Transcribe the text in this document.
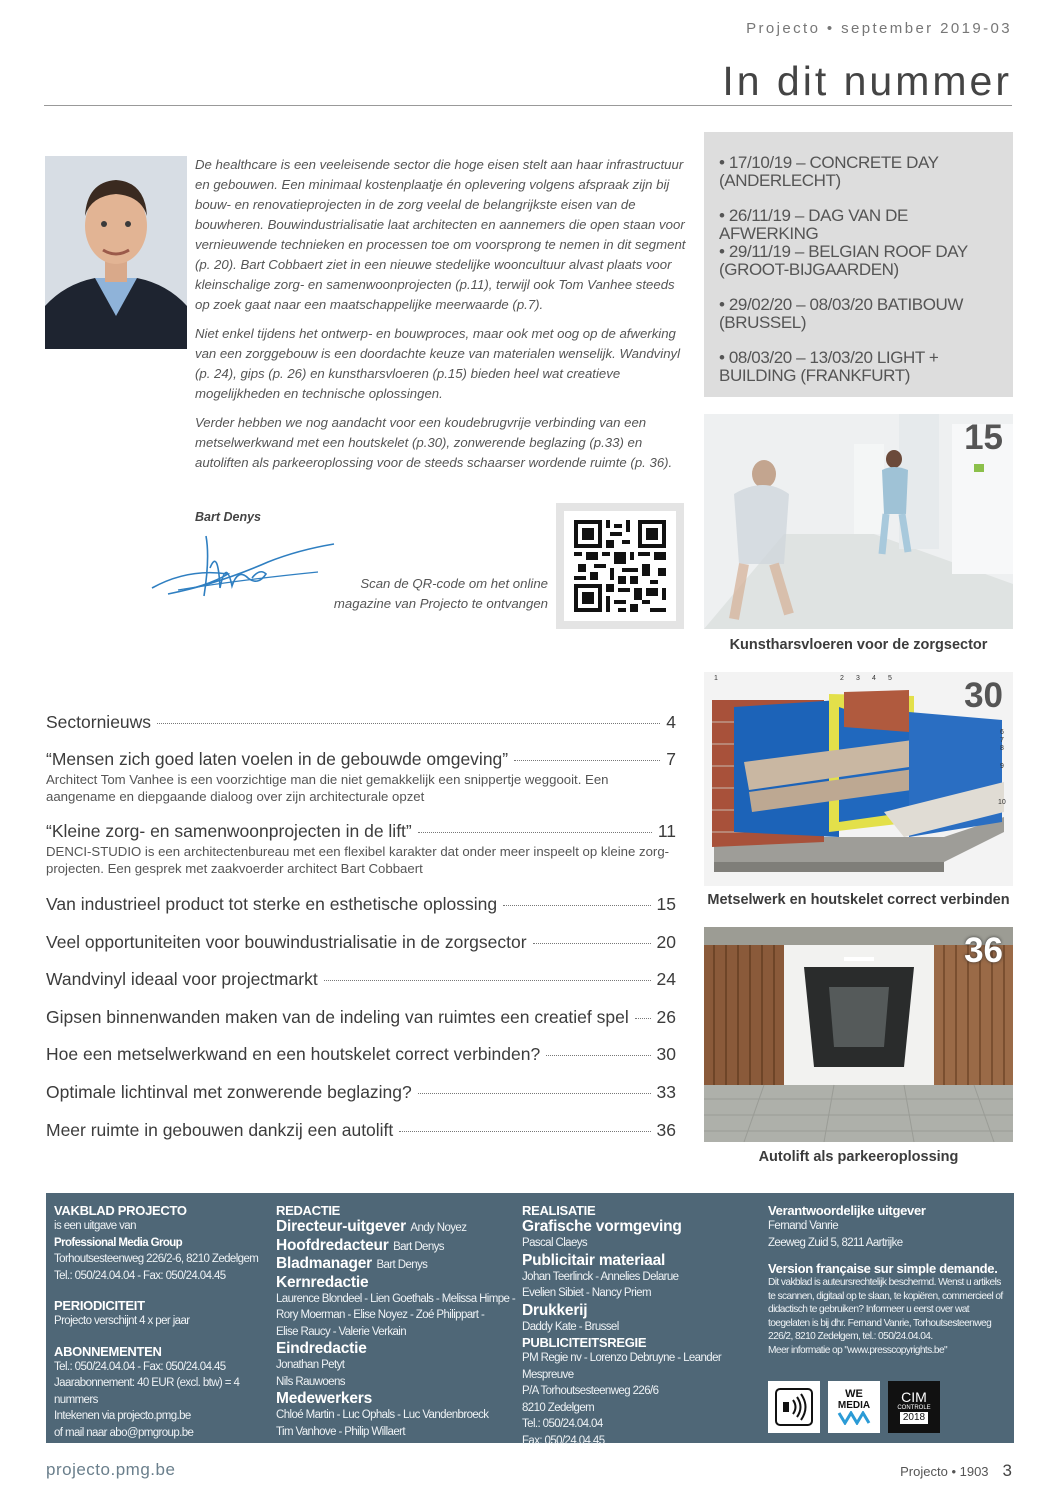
Projecto • september 2019-03
In dit nummer

De healthcare is een veeleisende sector die hoge eisen stelt aan haar infrastructuur en gebouwen. Een minimaal kostenplaatje én oplevering volgens afspraak zijn bij bouw- en renovatieprojecten in de zorg veelal de belangrijkste eisen van de bouwheren. Bouwindustrialisatie laat architecten en aannemers die open staan voor vernieuwende technieken en processen toe om voorsprong te nemen in dit segment (p. 20). Bart Cobbaert ziet in een nieuwe stedelijke wooncultuur alvast plaats voor kleinschalige zorg- en samenwoonprojecten (p.11), terwijl ook Tom Vanhee steeds op zoek gaat naar een maatschappelijke meerwaarde (p.7).

Niet enkel tijdens het ontwerp- en bouwproces, maar ook met oog op de afwerking van een zorggebouw is een doordachte keuze van materialen wenselijk. Wandvinyl (p. 24), gips (p. 26) en kunstharsvloeren (p.15) bieden heel wat creatieve mogelijkheden en technische oplossingen.

Verder hebben we nog aandacht voor een koudebrugvrije verbinding van een metselwerkwand met een houtskelet (p.30), zonwerende beglazing (p.33) en autoliften als parkeeroplossing voor de steeds schaarser wordende ruimte (p. 36).

Bart Denys
Scan de QR-code om het online magazine van Projecto te ontvangen
• 17/10/19 – CONCRETE DAY (ANDERLECHT)
• 26/11/19 – DAG VAN DE AFWERKING
• 29/11/19 – BELGIAN ROOF DAY (GROOT-BIJGAARDEN)
• 29/02/20 – 08/03/20 BATIBOUW (BRUSSEL)
• 08/03/20 – 13/03/20 LIGHT + BUILDING (FRANKFURT)
15
Kunstharsvloeren voor de zorgsector
1	2 3 4 5
6
7
8
9
10
30
Metselwerk en houtskelet correct verbinden
36
Autolift als parkeeroplossing
Sectornieuws	4
“Mensen zich goed laten voelen in de gebouwde omgeving”	7
Architect Tom Vanhee is een voorzichtige man die niet gemakkelijk een snippertje weggooit. Een aangename en diepgaande dialoog over zijn architecturale opzet
“Kleine zorg- en samenwoonprojecten in de lift”	11
DENCI-STUDIO is een architectenbureau met een flexibel karakter dat onder meer inspeelt op kleine zorg-projecten. Een gesprek met zaakvoerder architect Bart Cobbaert
Van industrieel product tot sterke en esthetische oplossing	15
Veel opportuniteiten voor bouwindustrialisatie in de zorgsector	20
Wandvinyl ideaal voor projectmarkt	24
Gipsen binnenwanden maken van de indeling van ruimtes een creatief spel 26
Hoe een metselwerkwand en een houtskelet correct verbinden?	30
Optimale lichtinval met zonwerende beglazing?	33
Meer ruimte in gebouwen dankzij een autolift	36
VAKBLAD PROJECTO
is een uitgave van
Professional Media Group
Torhoutsesteenweg 226/2-6, 8210 Zedelgem
Tel.: 050/24.04.04 - Fax: 050/24.04.45
PERIODICITEIT
Projecto verschijnt 4 x per jaar
ABONNEMENTEN
Tel.: 050/24.04.04 - Fax: 050/24.04.45
Jaarabonnement: 40 EUR (excl. btw) = 4 nummers
Intekenen via projecto.pmg.be
of mail naar abo@pmgroup.be
REDACTIE
Directeur-uitgever Andy Noyez
Hoofdredacteur Bart Denys
Bladmanager Bart Denys
Kernredactie
Laurence Blondeel - Lien Goethals - Melissa Himpe -
Rory Moerman - Elise Noyez - Zoé Philippart -
Elise Raucy - Valerie Verkain
Eindredactie
Jonathan Petyt
Nils Rauwoens
Medewerkers
Chloé Martin - Luc Ophals - Luc Vandenbroeck
Tim Vanhove - Philip Willaert
REALISATIE
Grafische vormgeving
Pascal Claeys
Publicitair materiaal
Johan Teerlinck - Annelies Delarue
Evelien Sibiet - Nancy Priem
Drukkerij
Daddy Kate - Brussel
PUBLICITEITSREGIE
PM Regie nv - Lorenzo Debruyne - Leander Mespreuve
P/A Torhoutsesteenweg 226/6
8210 Zedelgem
Tel.: 050/24.04.04
Fax: 050/24.04.45
Verantwoordelijke uitgever
Fernand Vanrie
Zeeweg Zuid 5, 8211 Aartrijke
Version française sur simple demande.
Dit vakblad is auteursrechtelijk beschermd. Wenst u artikels te scannen, digitaal op te slaan, te kopiëren, commercieel of didactisch te gebruiken? Informeer u eerst over wat toegelaten is bij dhr. Fernand Vanrie, Torhoutsesteenweg 226/2, 8210 Zedelgem, tel.: 050/24.04.04.
Meer informatie op "www.presscopyrights.be"
WE
MEDIA
CIM
CONTROLE
2018
projecto.pmg.be	Projecto • 1903 3
